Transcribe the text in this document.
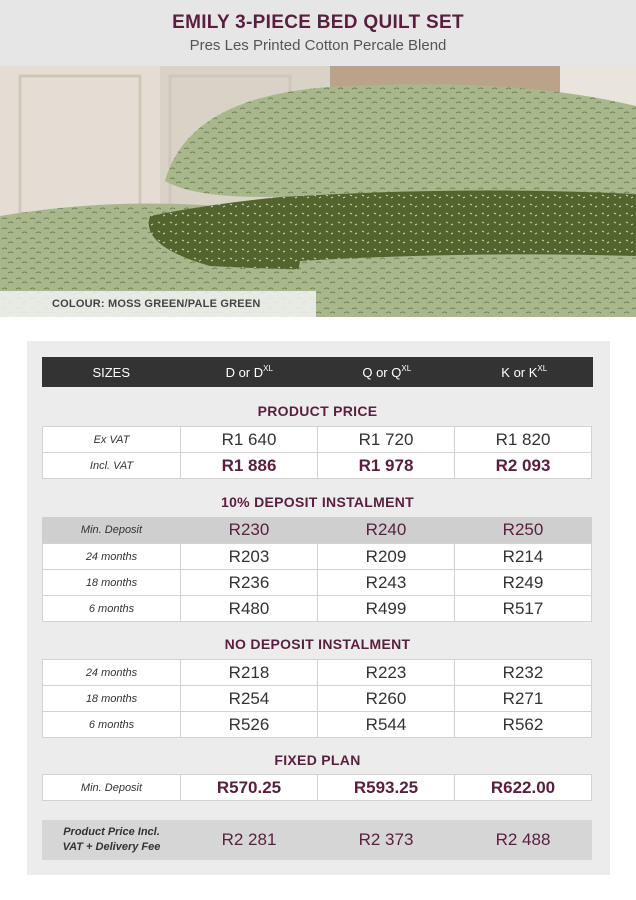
EMILY 3-PIECE BED QUILT SET
Pres Les Printed Cotton Percale Blend
COLOUR: MOSS GREEN/PALE GREEN
SIZES	D or $D^{XL}$	Q or $Q^{XL}$	K or $K^{XL}$
PRODUCT PRICE
Ex VAT	R1 640	R1 720	R1 820
Incl. VAT	R1 886	R1 978	R2 093
10% DEPOSIT INSTALMENT
Min. Deposit	R230	R240	R250
24 months	R203	R209	R214
18 months	R236	R243	R249
6 months	R480	R499	R517
NO DEPOSIT INSTALMENT
24 months	R218	R223	R232
18 months	R254	R260	R271
6 months	R526	R544	R562
FIXED PLAN
Min. Deposit	R570.25	R593.25	R622.00
Product Price Incl.
VAT + Delivery Fee	R2 281	R2 373	R2 488
